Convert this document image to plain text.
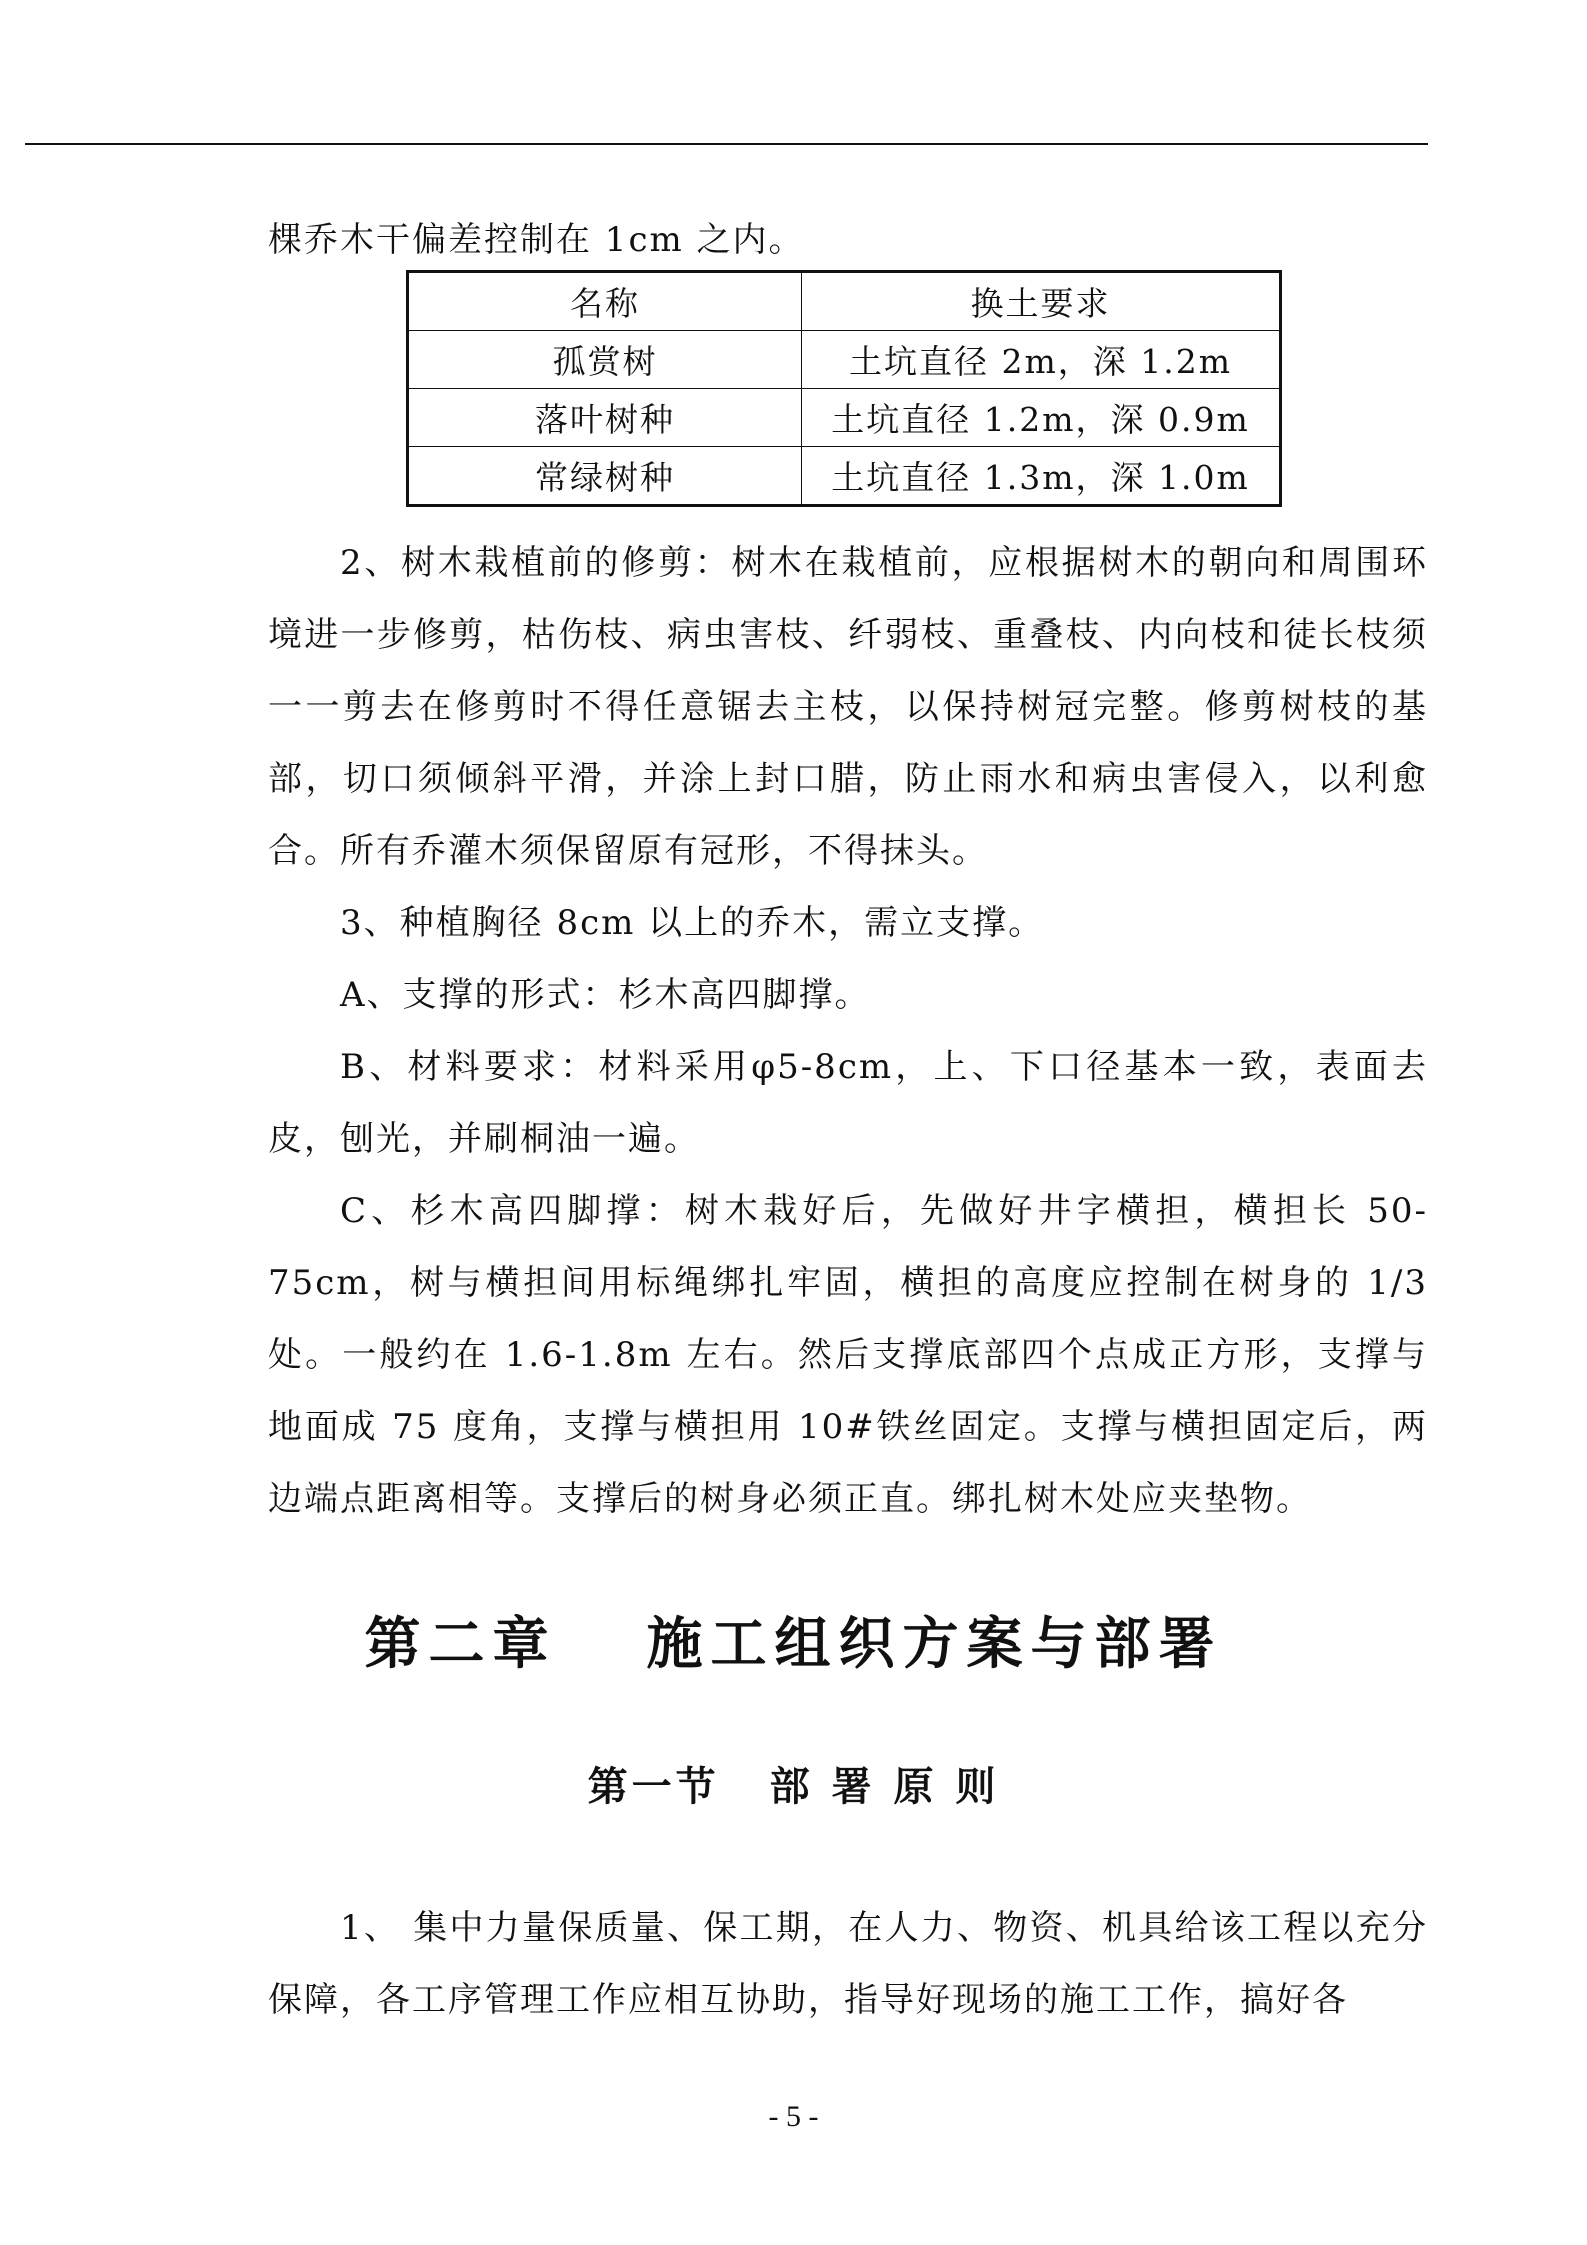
棵乔木干偏差控制在 1cm 之内。

名称	换土要求
孤赏树	土坑直径 2m，深 1.2m
落叶树种	土坑直径 1.2m，深 0.9m
常绿树种	土坑直径 1.3m，深 1.0m

2、树木栽植前的修剪：树木在栽植前，应根据树木的朝向和周围环境进一步修剪，枯伤枝、病虫害枝、纤弱枝、重叠枝、内向枝和徒长枝须一一剪去在修剪时不得任意锯去主枝，以保持树冠完整。修剪树枝的基部，切口须倾斜平滑，并涂上封口腊，防止雨水和病虫害侵入，以利愈合。所有乔灌木须保留原有冠形，不得抹头。

3、种植胸径 8cm 以上的乔木，需立支撑。

A、支撑的形式：杉木高四脚撑。

B、材料要求：材料采用φ5-8cm，上、下口径基本一致，表面去皮，刨光，并刷桐油一遍。

C、杉木高四脚撑：树木栽好后，先做好井字横担，横担长 50-75cm，树与横担间用标绳绑扎牢固，横担的高度应控制在树身的 1/3 处。一般约在 1.6-1.8m 左右。然后支撑底部四个点成正方形，支撑与地面成 75 度角，支撑与横担用 10#铁丝固定。支撑与横担固定后，两边端点距离相等。支撑后的树身必须正直。绑扎树木处应夹垫物。

第二章 施工组织方案与部署
第一节 部 署 原 则

1、 集中力量保质量、保工期，在人力、物资、机具给该工程以充分保障，各工序管理工作应相互协助，指导好现场的施工工作，搞好各

- 5 -
